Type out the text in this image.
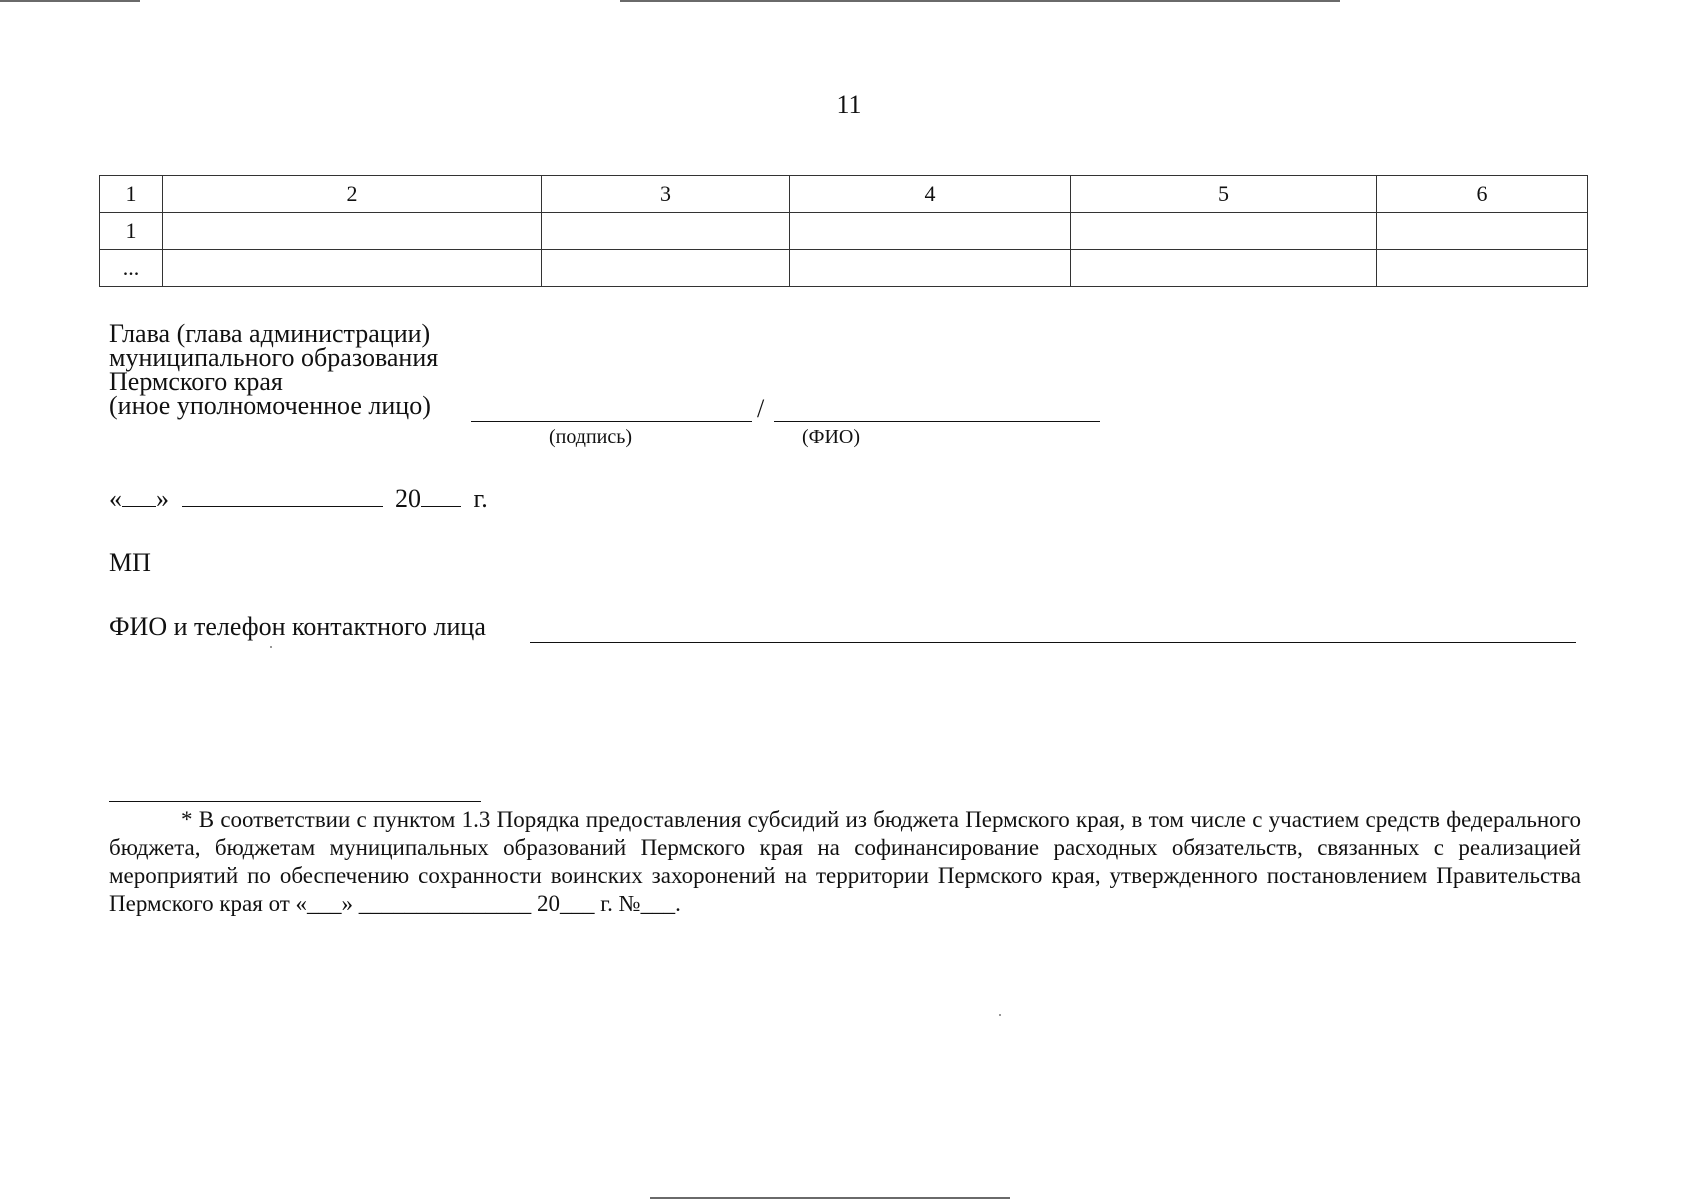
11
1	2	3	4	5	6
1					
...					
Глава (глава администрации)
муниципального образования
Пермского края
(иное уполномоченное лицо)	/
(подпись)	(ФИО)
« »	20 г.
МП
ФИО и телефон контактного лица
* В соответствии с пунктом 1.3 Порядка предоставления субсидий из бюджета Пермского края, в том числе с участием средств федерального бюджета, бюджетам муниципальных образований Пермского края на софинансирование расходных обязательств, связанных с реализацией мероприятий по обеспечению сохранности воинских захоронений на территории Пермского края, утвержденного постановлением Правительства Пермского края от «___» _______________ 20___ г. №___.
